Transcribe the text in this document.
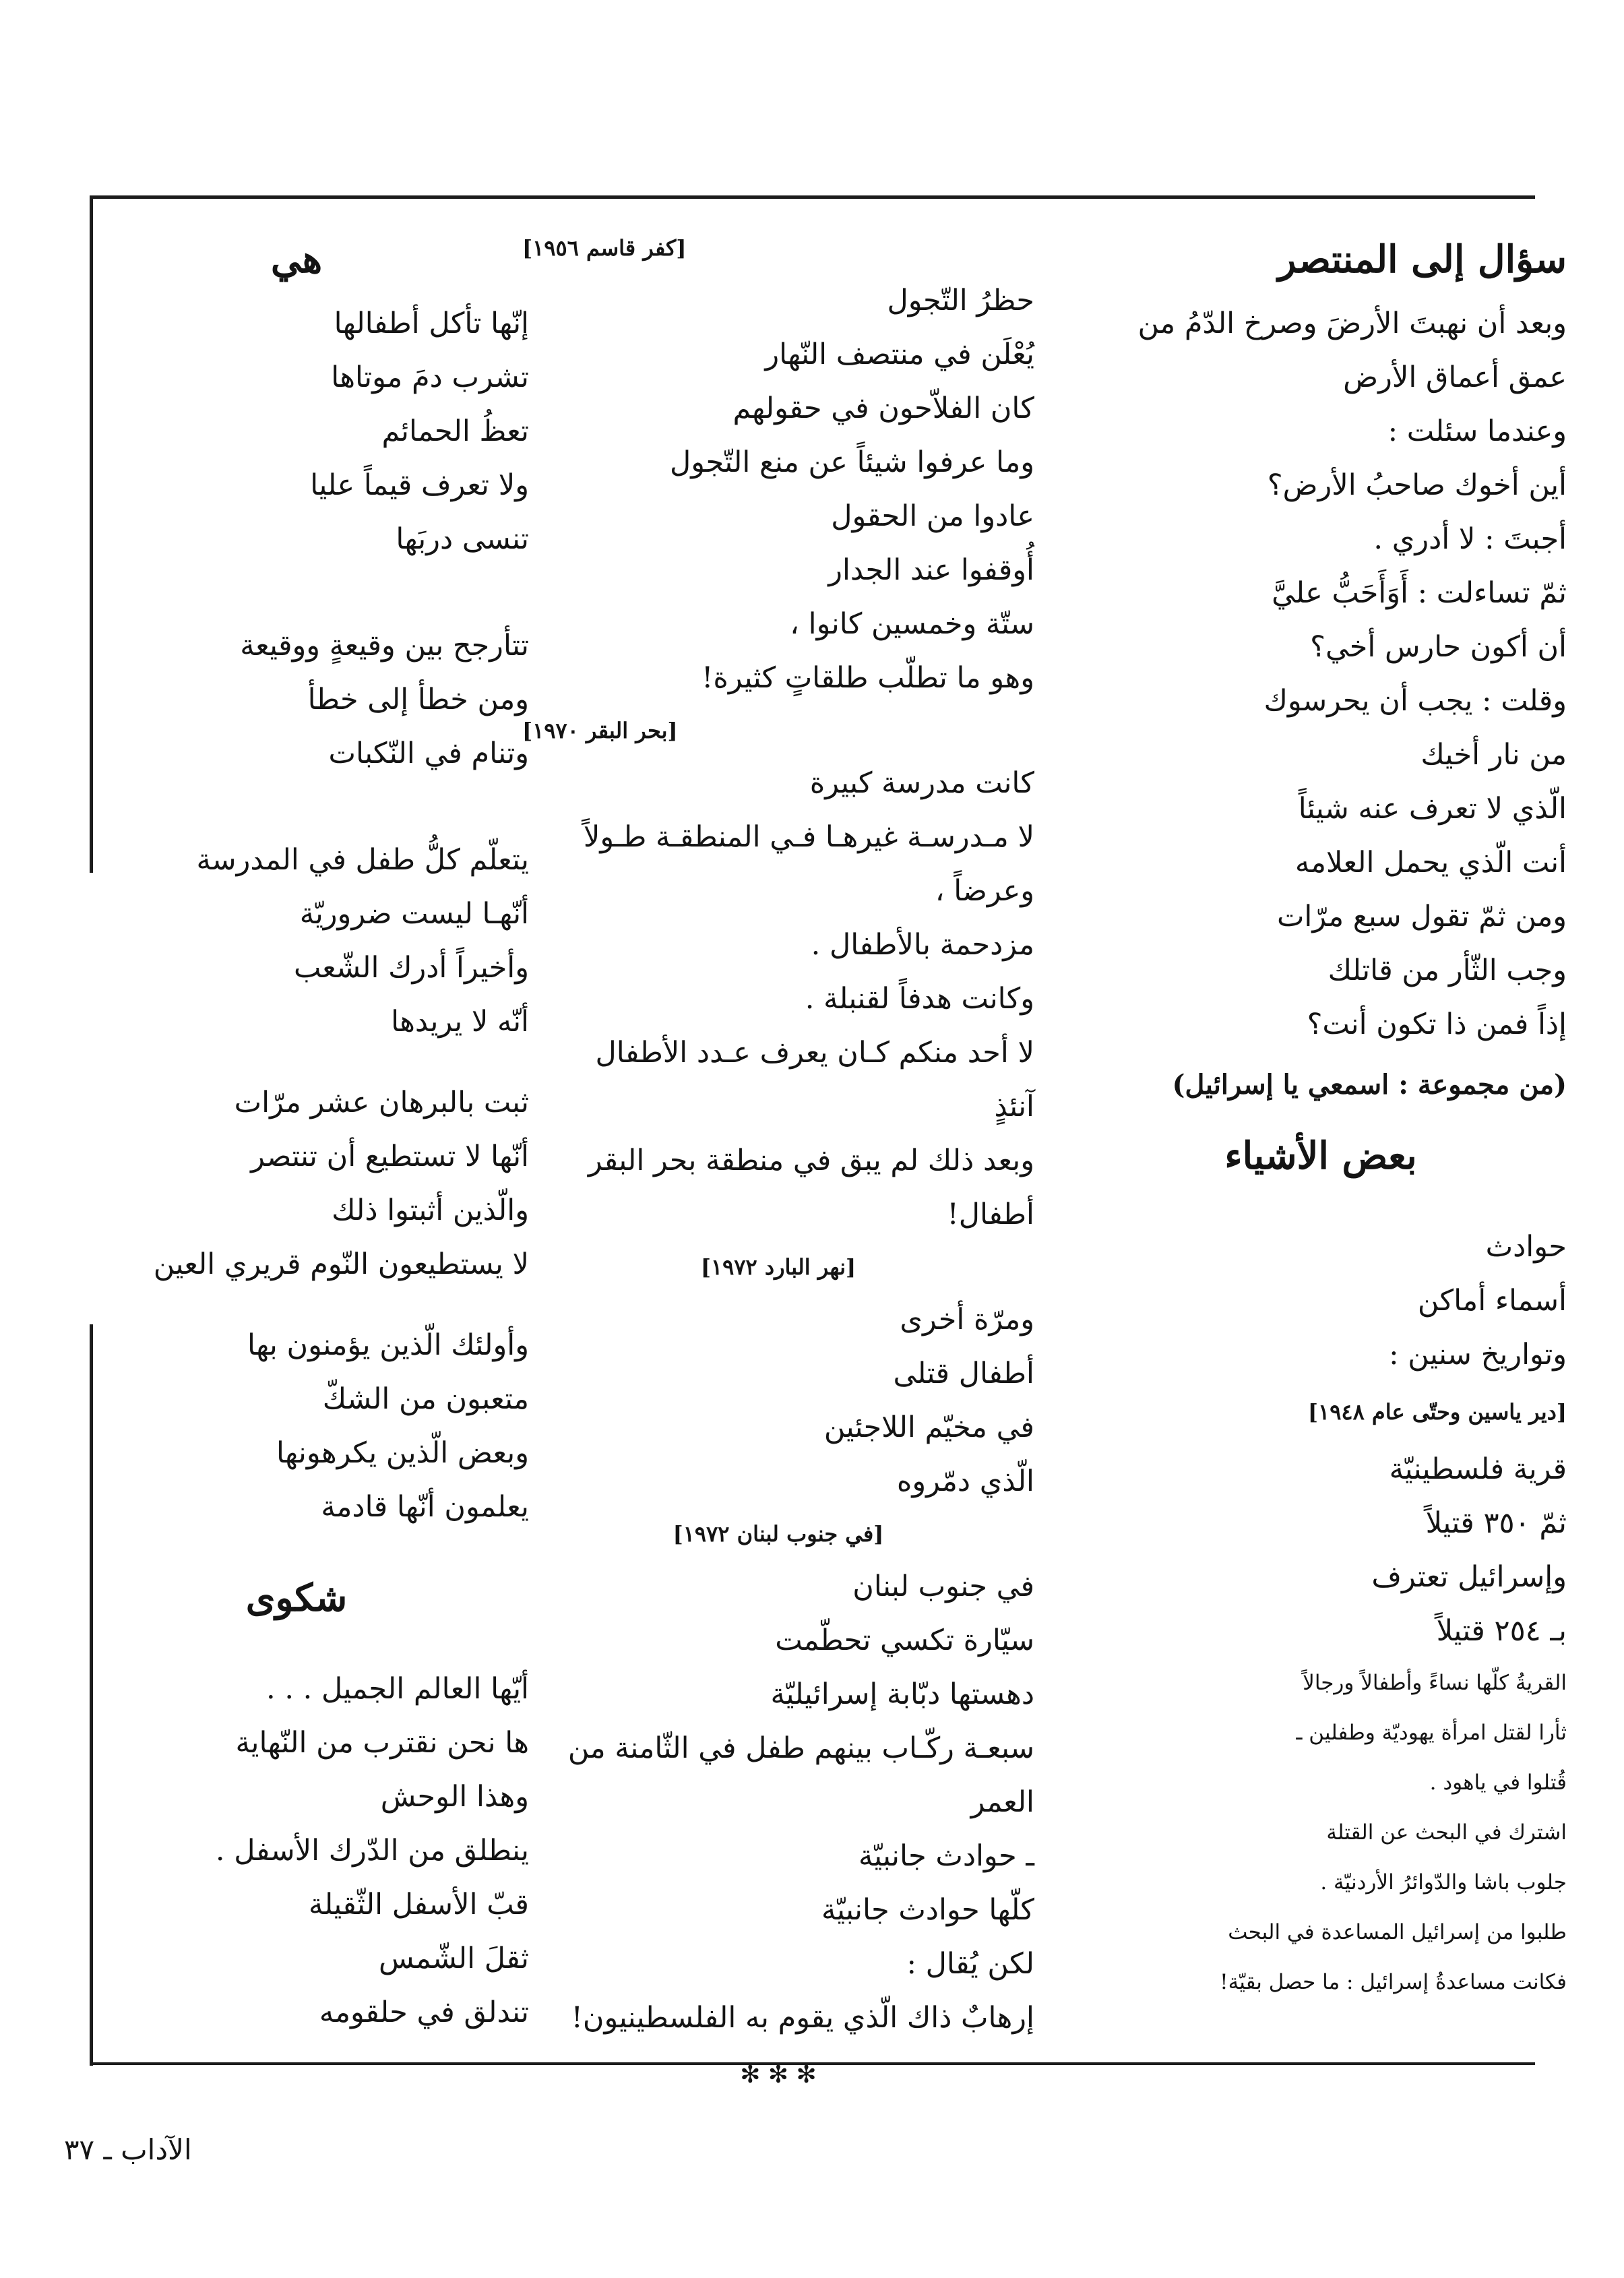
سؤال إلى المنتصر

وبعد أن نهبتَ الأرضَ وصرخ الدّمُ من

عمق أعماق الأرض

وعندما سئلت :

أين أخوك صاحبُ الأرض؟

أجبتَ : لا أدري .

ثمّ تساءلت : أَوَأَحَبُّ عليَّ

أن أكون حارس أخي؟

وقلت : يجب أن يحرسوك

من نار أخيك

الّذي لا تعرف عنه شيئاً

أنت الّذي يحمل العلامه

ومن ثمّ تقول سبع مرّات

وجب الثّأر من قاتلك

إذاً فمن ذا تكون أنت؟

(من مجموعة : اسمعي يا إسرائيل)

بعض الأشياء

حوادث

أسماء أماكن

وتواريخ سنين :

[دير ياسين وحتّى عام ١٩٤٨]

قرية فلسطينيّة

ثمّ ٣٥٠ قتيلاً

وإسرائيل تعترف

بـ ٢٥٤ قتيلاً

القريةُ كلّها نساءً وأطفالاً ورجالاً

ثأرا لقتل امرأة يهوديّة وطفلين ـ

قُتلوا في ياهود .

اشترك في البحث عن القتلة

جلوب باشا والدّوائرُ الأردنيّة .

طلبوا من إسرائيل المساعدة في البحث

فكانت مساعدةُ إسرائيل : ما حصل بقيّة!

[كفر قاسم ١٩٥٦]

حظرُ التّجول

يُعْلَن في منتصف النّهار

كان الفلاّحون في حقولهم

وما عرفوا شيئاً عن منع التّجول

عادوا من الحقول

أُوقفوا عند الجدار

ستّة وخمسين كانوا ،

وهو ما تطلّب طلقاتٍ كثيرة!

[بحر البقر ١٩٧٠]

كانت مدرسة كبيرة

لا مـدرسـة غيرهـا فـي المنطقـة طـولاً

وعرضاً ،

مزدحمة بالأطفال .

وكانت هدفاً لقنبلة .

لا أحد منكم كـان يعرف عـدد الأطفال

آنئذٍ

وبعد ذلك لم يبق في منطقة بحر البقر

أطفال!

[نهر البارد ١٩٧٢]

ومرّة أخرى

أطفال قتلى

في مخيّم اللاجئين

الّذي دمّروه

[في جنوب لبنان ١٩٧٢]

في جنوب لبنان

سيّارة تكسي تحطّمت

دهستها دبّابة إسرائيليّة

سبعـة ركّـاب بينهم طفل في الثّامنة من

العمر

ـ حوادث جانبيّة

كلّها حوادث جانبيّة

لكن يُقال :

إرهابٌ ذاك الّذي يقوم به الفلسطينيون!

✻ ✻ ✻

هي

إنّها تأكل أطفالها

تشرب دمَ موتاها

تعظُ الحمائم

ولا تعرف قيماً عليا

تنسى دربَها

تتأرجح بين وقيعةٍ ووقيعة

ومن خطأ إلى خطأ

وتنام في النّكبات

يتعلّم كلُّ طفل في المدرسة

أنّهـا ليست ضروريّة

وأخيراً أدرك الشّعب

أنّه لا يريدها

ثبت بالبرهان عشر مرّات

أنّها لا تستطيع أن تنتصر

والّذين أثبتوا ذلك

لا يستطيعون النّوم قريري العين

وأولئك الّذين يؤمنون بها

متعبون من الشكّ

وبعض الّذين يكرهونها

يعلمون أنّها قادمة

شكوى

أيّها العالم الجميل . . .

ها نحن نقترب من النّهاية

وهذا الوحش

ينطلق من الدّرك الأسفل .

قبّ الأسفل الثّقيلة

ثقلَ الشّمس

تندلق في حلقومه

الآداب ـ ٣٧
